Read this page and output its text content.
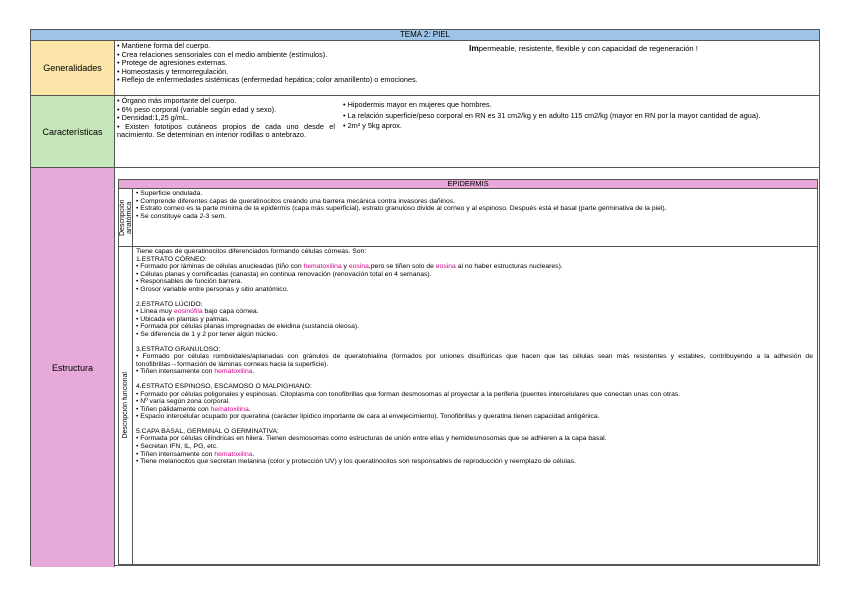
TEMA 2: PIEL
Generalidades
• Mantiene forma del cuerpo.
• Crea relaciones sensoriales con el medio ambiente (estímulos).
• Protege de agresiones externas.
• Homeostasis y termorregulación.
• Reflejo de enfermedades sistémicas (enfermedad hepática; color amarillento) o emociones.
Impermeable, resistente, flexible y con capacidad de regeneración !
Características
• Órgano más importante del cuerpo.
• 6% peso corporal (variable según edad y sexo).
• Densidad:1,25 g/mL.
• Existen fototipos cutáneos propios de cada uno desde el nacimiento. Se determinan en interior rodillas o antebrazo.
• Hipodermis mayor en mujeres que hombres.
• La relación superficie/peso corporal en RN es 31 cm2/kg y en adulto 115 cm2/kg (mayor en RN por la mayor cantidad de agua).
• 2m² y 5kg aprox.
Estructura
EPIDERMIS
Descripción anatómica
• Superficie ondulada.
• Comprende diferentes capas de queratinocitos creando una barrera mecánica contra invasores dañinos.
• Estrato corneo es la parte mínima de la epidermis (capa más superficial), estrato granuloso divide al corneo y al espinoso. Después está el basal (parte germinativa de la piel).
• Se constituye cada 2-3 sem.
Descripción funcional

Tiene capas de queratinocitos diferenciados formando células córneas. Son:

1.ESTRATO CÓRNEO:

• Formado por láminas de células anucleadas (tiño con hematoxilina y eosina,pero se tiñen solo de eosina al no haber estructuras nucleares).
• Células planas y cornificadas (canasta) en continua renovación (renovación total en 4 semanas).
• Responsables de función barrera.
• Grosor variable entre personas y sitio anatómico.

2.ESTRATO LÚCIDO:

• Línea muy eosinófila bajo capa córnea.
• Ubicada en plantas y palmas.
• Formada por células planas impregnadas de eleidina (sustancia oleosa).
• Se diferencia de 1 y 2 por tener algún núcleo.

3.ESTRATO GRANULOSO:

• Formado por células romboidales/aplanadas con gránulos de queratohialina (formados por uniones disulfúricas que hacen que las células sean más resistentes y estables, contribuyendo a la adhesión de tonofibrillas→formación de láminas corneas hacia la superficie).
• Tiñen intensamente con hematoxilina.

4.ESTRATO ESPINOSO, ESCAMOSO O MALPIGHIANO:

• Formado por células poligonales y espinosas. Citoplasma con tonofibrillas que forman desmosomas al proyectar a la periferia (puentes intercelulares que conectan unas con otras.
• Nº varía según zona corporal.
• Tiñen pálidamente con hematoxilina.
• Espacio intercelular ocupado por queratina (carácter lipídico importante de cara al envejecimiento). Tonofibrillas y queratina tienen capacidad antigénica.

5.CAPA BASAL, GERMINAL O GERMINATIVA:

• Formada por células cilíndricas en hilera. Tienen desmosomas como estructuras de unión entre ellas y hemidesmosomas que se adhieren a la capa basal.
• Secretan IFN, IL, PG, etc.
• Tiñen intensamente con hematoxilina.
• Tiene melanocitos que secretan melanina (color y protección UV) y los queratinocitos son responsables de reproducción y reemplazo de células.
